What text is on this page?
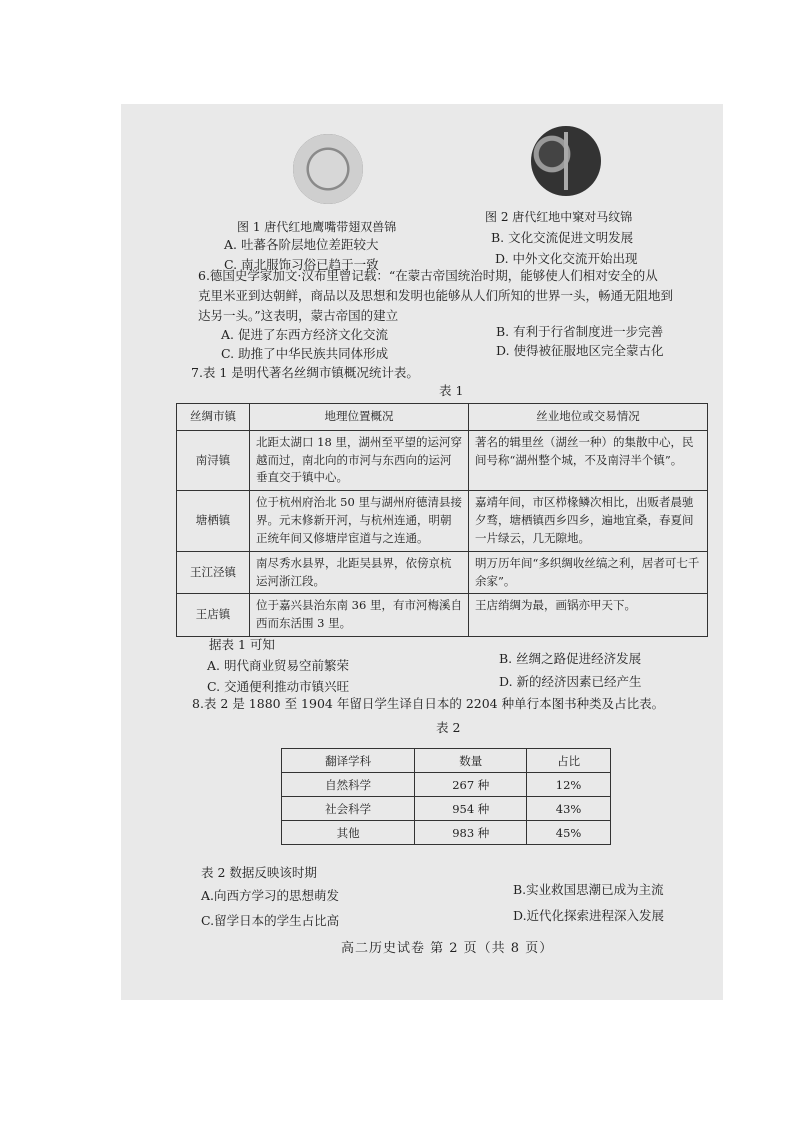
图 1 唐代红地鹰嘴带翅双兽锦
图 2 唐代红地中窠对马纹锦
A. 吐蕃各阶层地位差距较大	B. 文化交流促进文明发展
C. 南北服饰习俗已趋于一致	D. 中外文化交流开始出现
6.德国史学家加文·汉布里曾记载：“在蒙古帝国统治时期，能够使人们相对安全的从
克里米亚到达朝鲜，商品以及思想和发明也能够从人们所知的世界一头，畅通无阻地到
达另一头。”这表明，蒙古帝国的建立
A. 促进了东西方经济文化交流	B. 有利于行省制度进一步完善
C. 助推了中华民族共同体形成	D. 使得被征服地区完全蒙古化
7.表 1 是明代著名丝绸市镇概况统计表。
表 1
丝绸市镇	地理位置概况	丝业地位或交易情况
南浔镇	北距太湖口 18 里，湖州至平望的运河穿越而过，南北向的市河与东西向的运河垂直交于镇中心。	著名的辑里丝（湖丝一种）的集散中心，民间号称“湖州整个城，不及南浔半个镇”。
塘栖镇	位于杭州府治北 50 里与湖州府德清县接界。元末修新开河，与杭州连通，明朝正统年间又修塘岸宦道与之连通。	嘉靖年间，市区栉椽鳞次相比，出贩者晨驰夕骛，塘栖镇西乡四乡，遍地宜桑，春夏间一片绿云，几无隙地。
王江泾镇	南尽秀水县界，北距吴县界，依傍京杭运河浙江段。	明万历年间“多织绸收丝缟之利，居者可七千余家”。
王店镇	位于嘉兴县治东南 36 里，有市河梅溪自西而东活围 3 里。	王店绡绸为最，画锅亦甲天下。
据表 1 可知
A. 明代商业贸易空前繁荣	B. 丝绸之路促进经济发展
C. 交通便利推动市镇兴旺	D. 新的经济因素已经产生
8.表 2 是 1880 至 1904 年留日学生译自日本的 2204 种单行本图书种类及占比表。
表 2
翻译学科	数量	占比
自然科学	267 种	12%
社会科学	954 种	43%
其他	983 种	45%
表 2 数据反映该时期
A.向西方学习的思想萌发	B.实业救国思潮已成为主流
C.留学日本的学生占比高	D.近代化探索进程深入发展
高二历史试卷 第 2 页（共 8 页）
